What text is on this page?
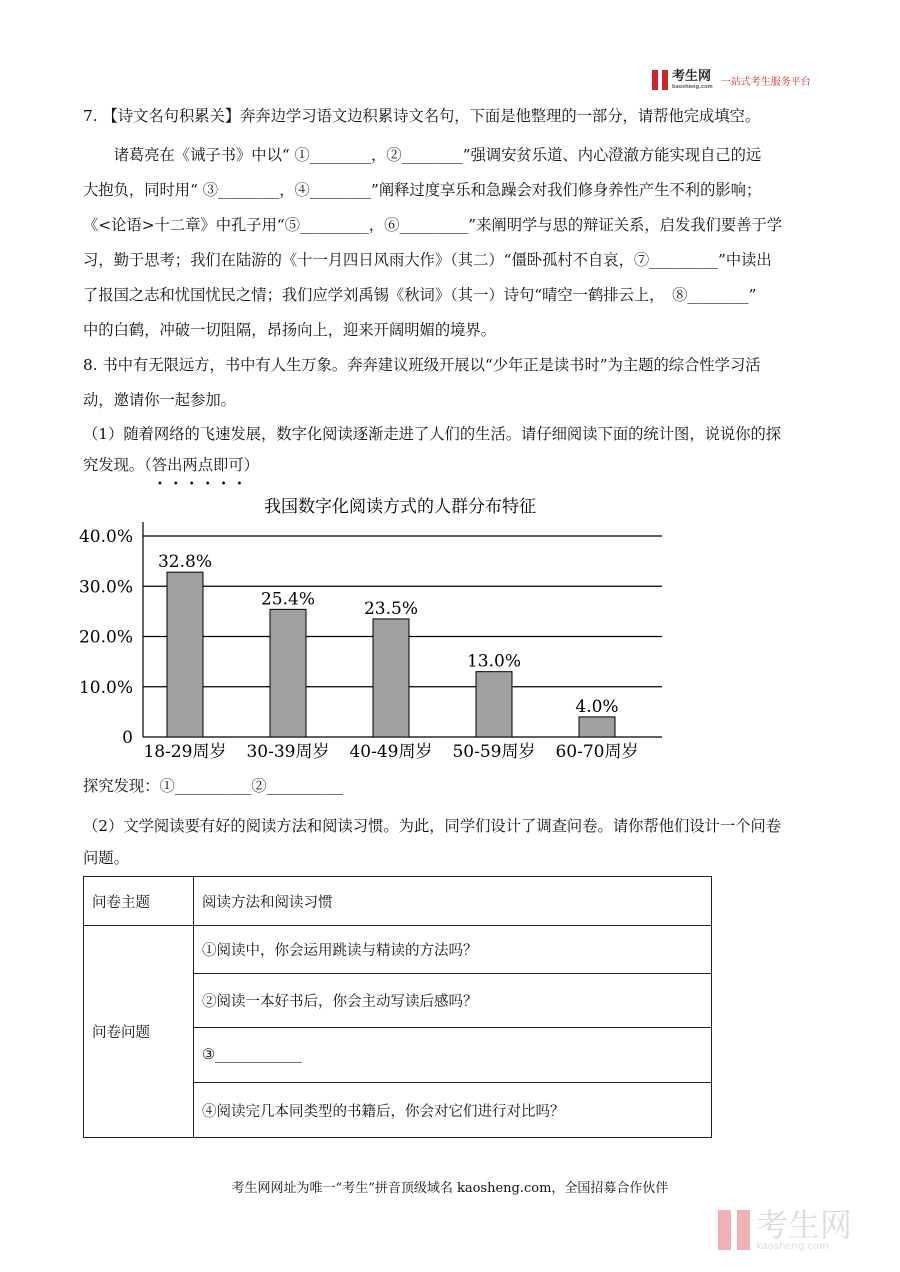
考生网
kaosheng.com 一站式考生服务平台
7. 【诗文名句积累关】奔奔边学习语文边积累诗文名句，下面是他整理的一部分，请帮他完成填空。
　　诸葛亮在《诫子书》中以“ ①________，②________”强调安贫乐道、内心澄澈方能实现自己的远
大抱负，同时用“ ③________，④________”阐释过度享乐和急躁会对我们修身养性产生不利的影响；
《<论语>十二章》中孔子用“⑤_________，⑥_________”来阐明学与思的辩证关系，启发我们要善于学
习，勤于思考；我们在陆游的《十一月四日风雨大作》（其二）“僵卧孤村不自哀，⑦_________”中读出
了报国之志和忧国忧民之情；我们应学刘禹锡《秋词》（其一）诗句“晴空一鹤排云上，　⑧________”
中的白鹤，冲破一切阻隔，昂扬向上，迎来开阔明媚的境界。
8. 书中有无限远方，书中有人生万象。奔奔建议班级开展以“少年正是读书时”为主题的综合性学习活
动，邀请你一起参加。
（1）随着网络的飞速发展，数字化阅读逐渐走进了人们的生活。请仔细阅读下面的统计图，说说你的探
究发现。（答出两点即可）
••••••
我国数字化阅读方式的人群分布特征
0
10.0%
20.0%
30.0%
40.0%
32.8%
18-29周岁
25.4%
30-39周岁
23.5%
40-49周岁
13.0%
50-59周岁
4.0%
60-70周岁
探究发现：①__________②__________
（2）文学阅读要有好的阅读方法和阅读习惯。为此，同学们设计了调查问卷。请你帮他们设计一个问卷
问题。
问卷主题	阅读方法和阅读习惯
问卷问题	①阅读中，你会运用跳读与精读的方法吗？
	②阅读一本好书后，你会主动写读后感吗？
	③____________
	④阅读完几本同类型的书籍后，你会对它们进行对比吗？
考生网网址为唯一“考生”拼音顶级域名 kaosheng.com，全国招募合作伙伴
考生网
kaosheng.com
